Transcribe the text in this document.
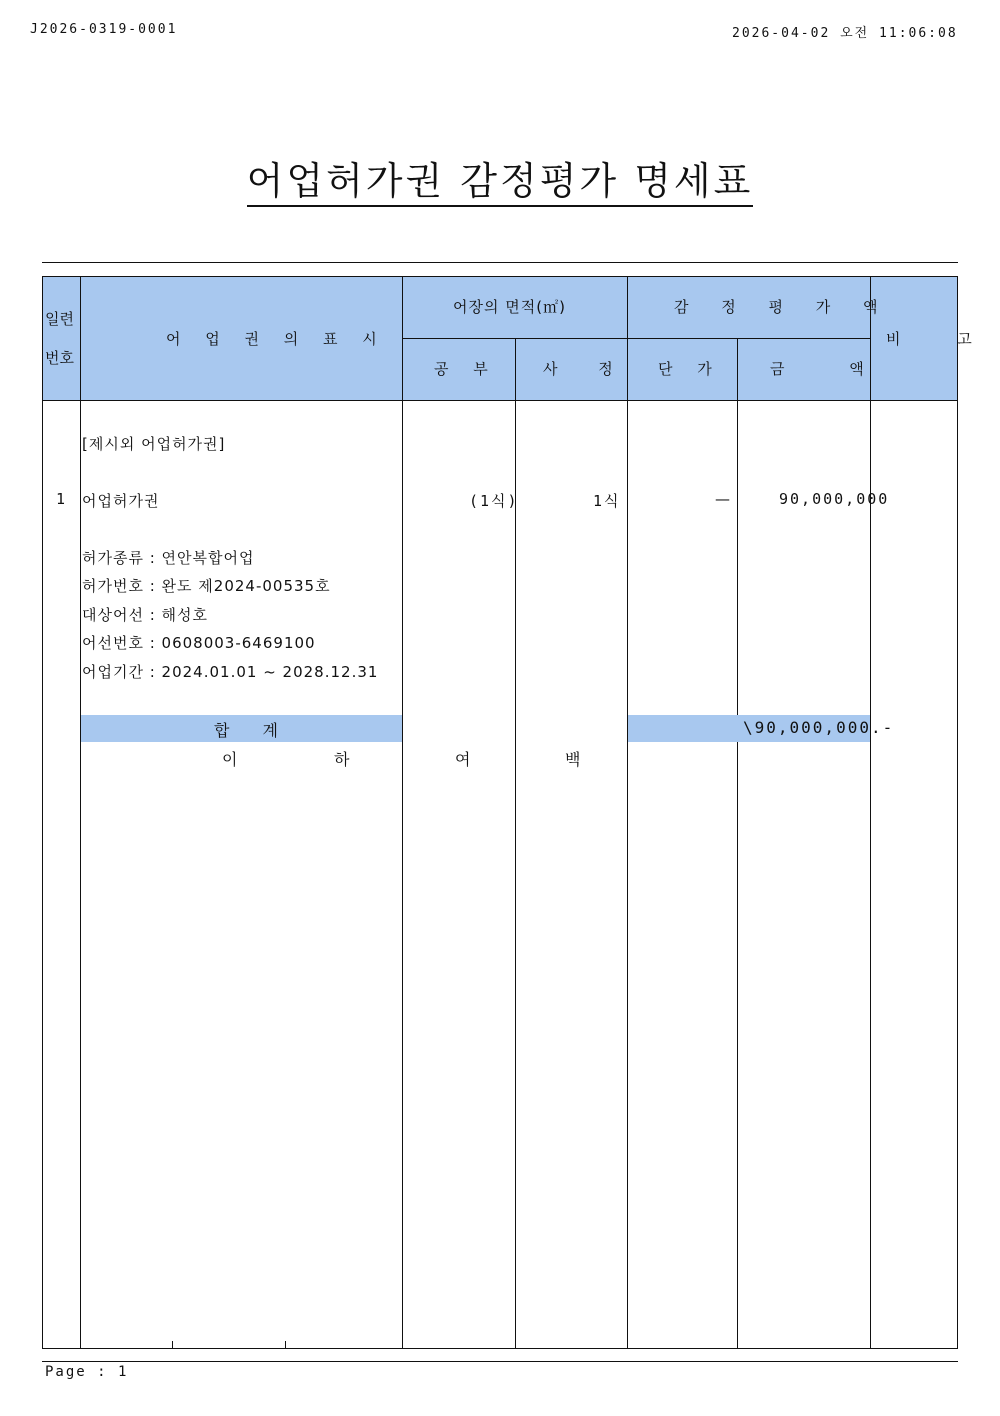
J2026-0319-0001	2026-04-02 오전 11:06:08
어업허가권 감정평가 명세표
일련
번호
어 업 권 의 표 시
어장의 면적(㎡)
공 부	사 정
감 정 평 가 액
단 가	금 액
비 고
[제시외 어업허가권]
1 어업허가권	(1식)	1식	—	90,000,000
허가종류 : 연안복합어업
허가번호 : 완도 제2024-00535호
대상어선 : 해성호
어선번호 : 0608003-6469100
어업기간 : 2024.01.01 ~ 2028.12.31
합 계	\90,000,000.-
이	하	여	백
Page : 1
